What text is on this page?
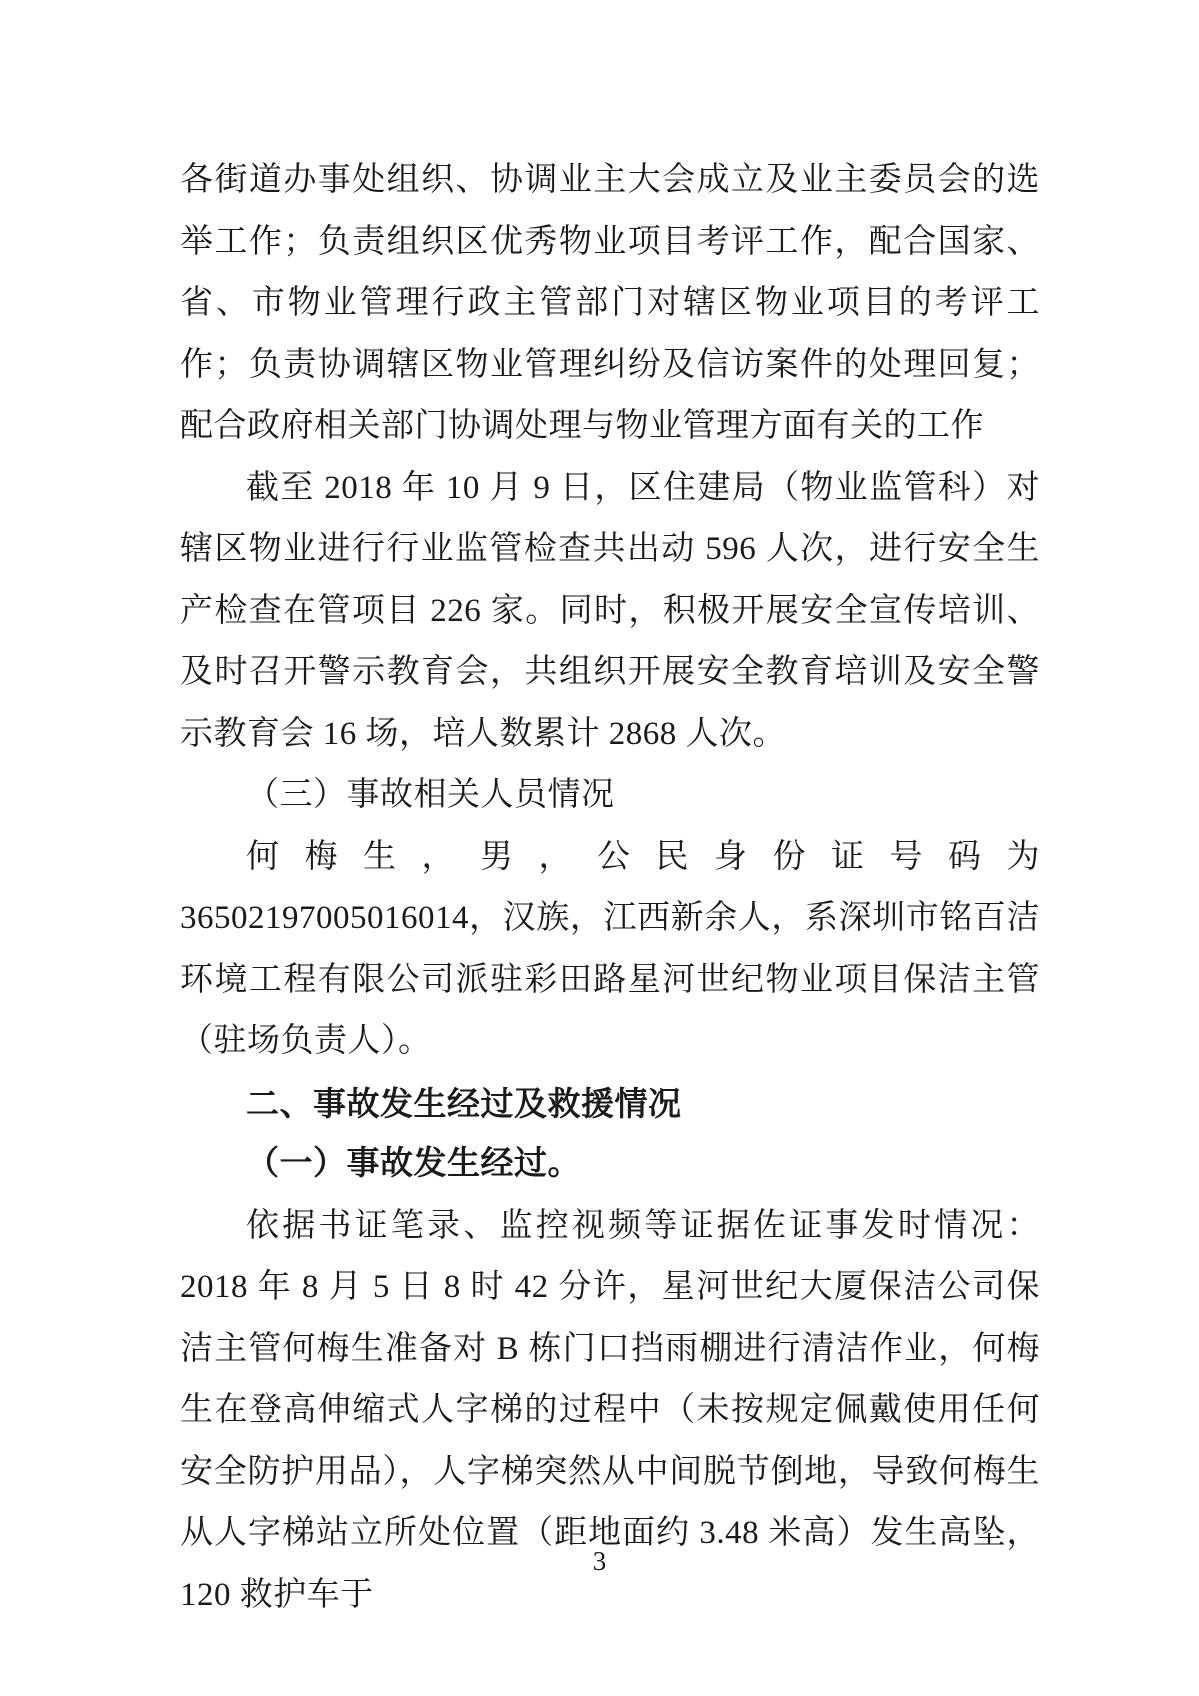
各街道办事处组织、协调业主大会成立及业主委员会的选举工作；负责组织区优秀物业项目考评工作，配合国家、省、市物业管理行政主管部门对辖区物业项目的考评工作；负责协调辖区物业管理纠纷及信访案件的处理回复；配合政府相关部门协调处理与物业管理方面有关的工作

截至 2018 年 10 月 9 日，区住建局（物业监管科）对辖区物业进行行业监管检查共出动 596 人次，进行安全生产检查在管项目 226 家。同时，积极开展安全宣传培训、及时召开警示教育会，共组织开展安全教育培训及安全警示教育会 16 场，培人数累计 2868 人次。

（三）事故相关人员情况

何梅生，男，公民身份证号码为 36502197005016014，汉族，江西新余人，系深圳市铭百洁环境工程有限公司派驻彩田路星河世纪物业项目保洁主管（驻场负责人）。

二、事故发生经过及救援情况

（一）事故发生经过。

依据书证笔录、监控视频等证据佐证事发时情况：2018 年 8 月 5 日 8 时 42 分许，星河世纪大厦保洁公司保洁主管何梅生准备对 B 栋门口挡雨棚进行清洁作业，何梅生在登高伸缩式人字梯的过程中（未按规定佩戴使用任何安全防护用品），人字梯突然从中间脱节倒地，导致何梅生从人字梯站立所处位置（距地面约 3.48 米高）发生高坠，120 救护车于

3
